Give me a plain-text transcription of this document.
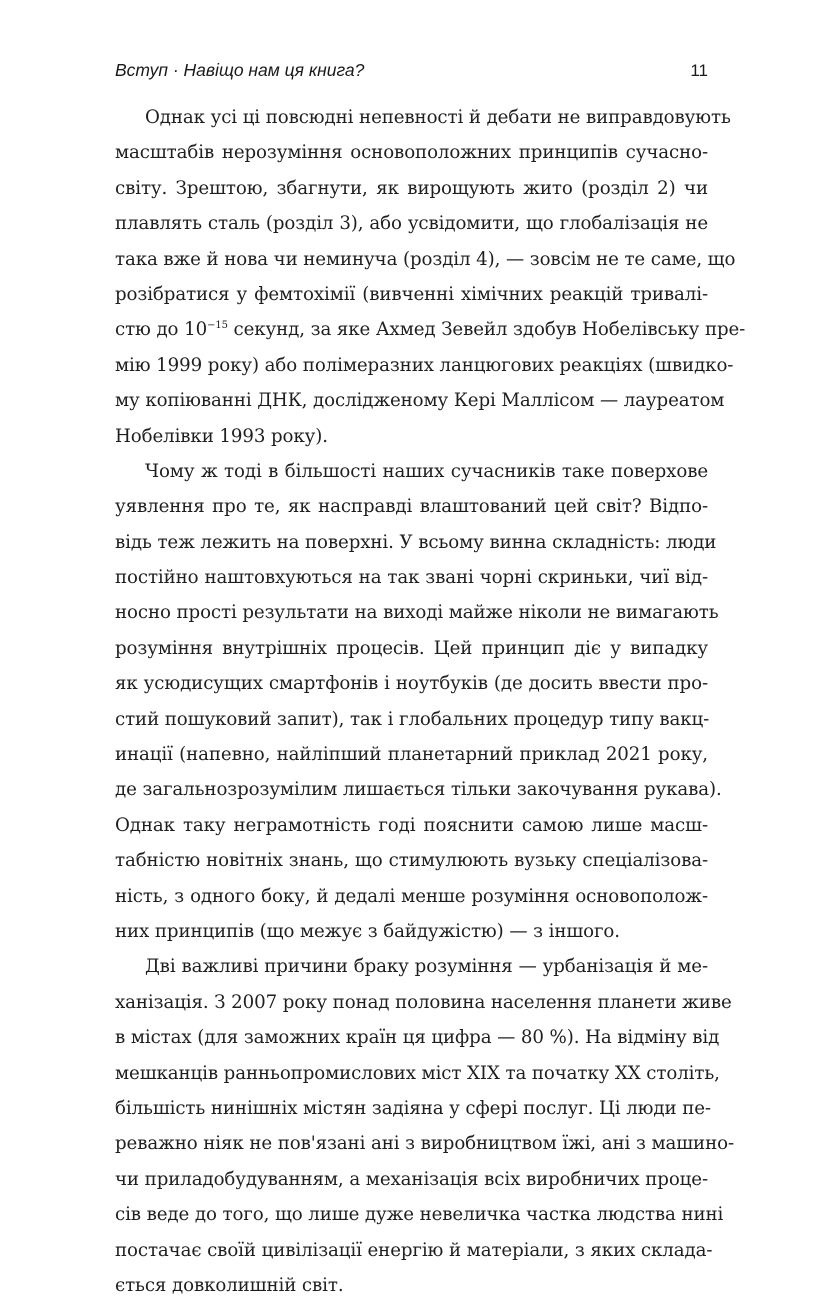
Вступ · Навіщо нам ця книга?	11
Однак усі ці повсюдні непевності й дебати не виправдовують
масштабів нерозуміння основоположних принципів сучасно-
світу. Зрештою, збагнути, як вирощують жито (розділ 2) чи
плавлять сталь (розділ 3), або усвідомити, що глобалізація не
така вже й нова чи неминуча (розділ 4), — зовсім не те саме, що
розібратися у фемтохімії (вивченні хімічних реакцій тривалі-
стю до $10^{-15}$ секунд, за яке Ахмед Зевейл здобув Нобелівську пре-
мію 1999 року) або полімеразних ланцюгових реакціях (швидко-
му копіюванні ДНК, дослідженому Кері Маллісом — лауреатом
Нобелівки 1993 року).
Чому ж тоді в більшості наших сучасників таке поверхове
уявлення про те, як насправді влаштований цей світ? Відпо-
відь теж лежить на поверхні. У всьому винна складність: люди
постійно наштовхуються на так звані чорні скриньки, чиї від-
носно прості результати на виході майже ніколи не вимагають
розуміння внутрішніх процесів. Цей принцип діє у випадку
як усюдисущих смартфонів і ноутбуків (де досить ввести про-
стий пошуковий запит), так і глобальних процедур типу вакц-
инації (напевно, найліпший планетарний приклад 2021 року,
де загальнозрозумілим лишається тільки закочування рукава).
Однак таку неграмотність годі пояснити самою лише масш-
табністю новітніх знань, що стимулюють вузьку спеціалізова-
ність, з одного боку, й дедалі менше розуміння основополож-
них принципів (що межує з байдужістю) — з іншого.
Дві важливі причини браку розуміння — урбанізація й ме-
ханізація. З 2007 року понад половина населення планети живе
в містах (для заможних країн ця цифра — 80 %). На відміну від
мешканців ранньопромислових міст XIX та початку XX століть,
більшість нинішніх містян задіяна у сфері послуг. Ці люди пе-
реважно ніяк не пов'язані ані з виробництвом їжі, ані з машино-
чи приладобудуванням, а механізація всіх виробничих проце-
сів веде до того, що лише дуже невеличка частка людства нині
постачає своїй цивілізації енергію й матеріали, з яких склада-
ється довколишній світ.
